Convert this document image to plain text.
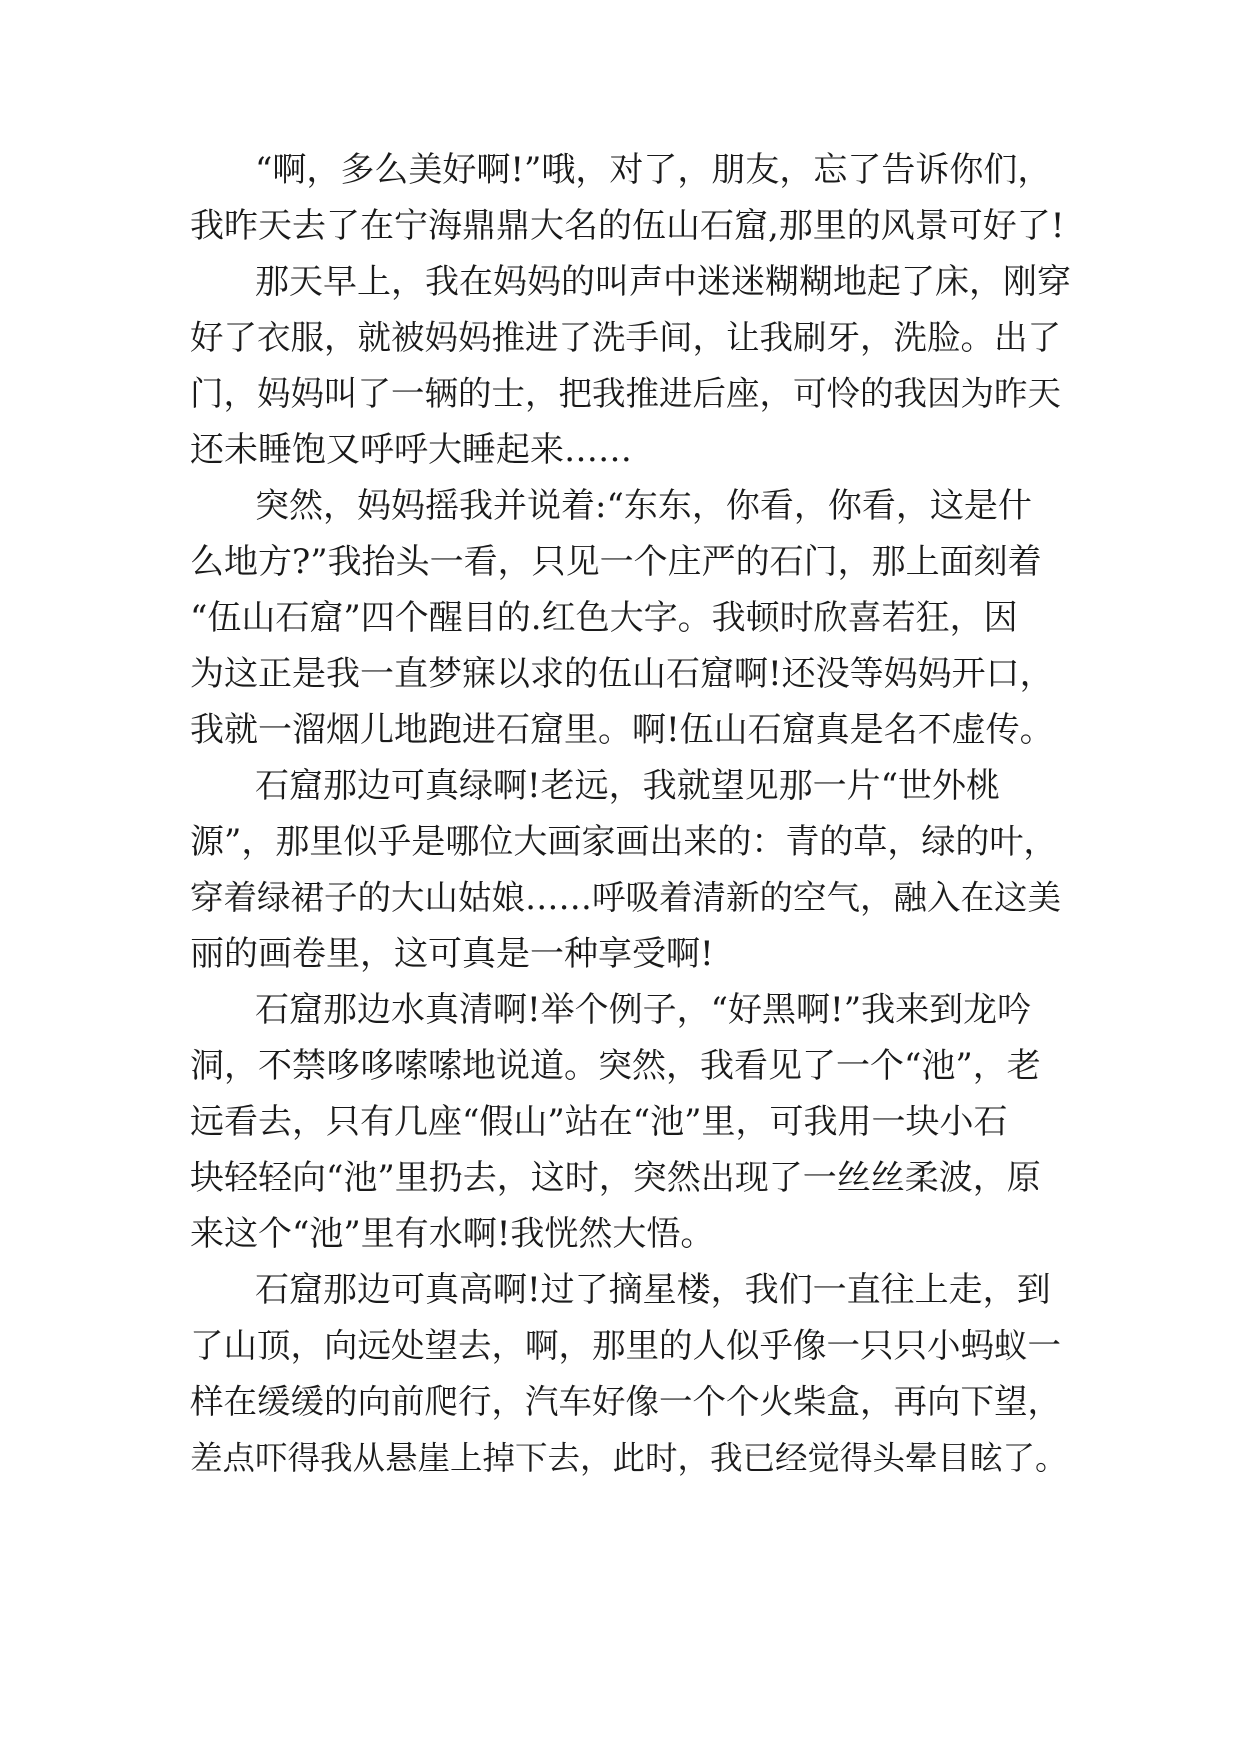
“啊，多么美好啊!”哦，对了，朋友，忘了告诉你们，
我昨天去了在宁海鼎鼎大名的伍山石窟,那里的风景可好了!
那天早上，我在妈妈的叫声中迷迷糊糊地起了床，刚穿
好了衣服，就被妈妈推进了洗手间，让我刷牙，洗脸。出了
门，妈妈叫了一辆的士，把我推进后座，可怜的我因为昨天
还未睡饱又呼呼大睡起来……
突然，妈妈摇我并说着:“东东，你看，你看，这是什
么地方?”我抬头一看，只见一个庄严的石门，那上面刻着
“伍山石窟”四个醒目的.红色大字。我顿时欣喜若狂，因
为这正是我一直梦寐以求的伍山石窟啊!还没等妈妈开口，
我就一溜烟儿地跑进石窟里。啊!伍山石窟真是名不虚传。
石窟那边可真绿啊!老远，我就望见那一片“世外桃
源”，那里似乎是哪位大画家画出来的：青的草，绿的叶，
穿着绿裙子的大山姑娘……呼吸着清新的空气，融入在这美
丽的画卷里，这可真是一种享受啊!
石窟那边水真清啊!举个例子，“好黑啊!”我来到龙吟
洞，不禁哆哆嗦嗦地说道。突然，我看见了一个“池”，老
远看去，只有几座“假山”站在“池”里，可我用一块小石
块轻轻向“池”里扔去，这时，突然出现了一丝丝柔波，原
来这个“池”里有水啊!我恍然大悟。
石窟那边可真高啊!过了摘星楼，我们一直往上走，到
了山顶，向远处望去，啊，那里的人似乎像一只只小蚂蚁一
样在缓缓的向前爬行，汽车好像一个个火柴盒，再向下望，
差点吓得我从悬崖上掉下去，此时，我已经觉得头晕目眩了。
